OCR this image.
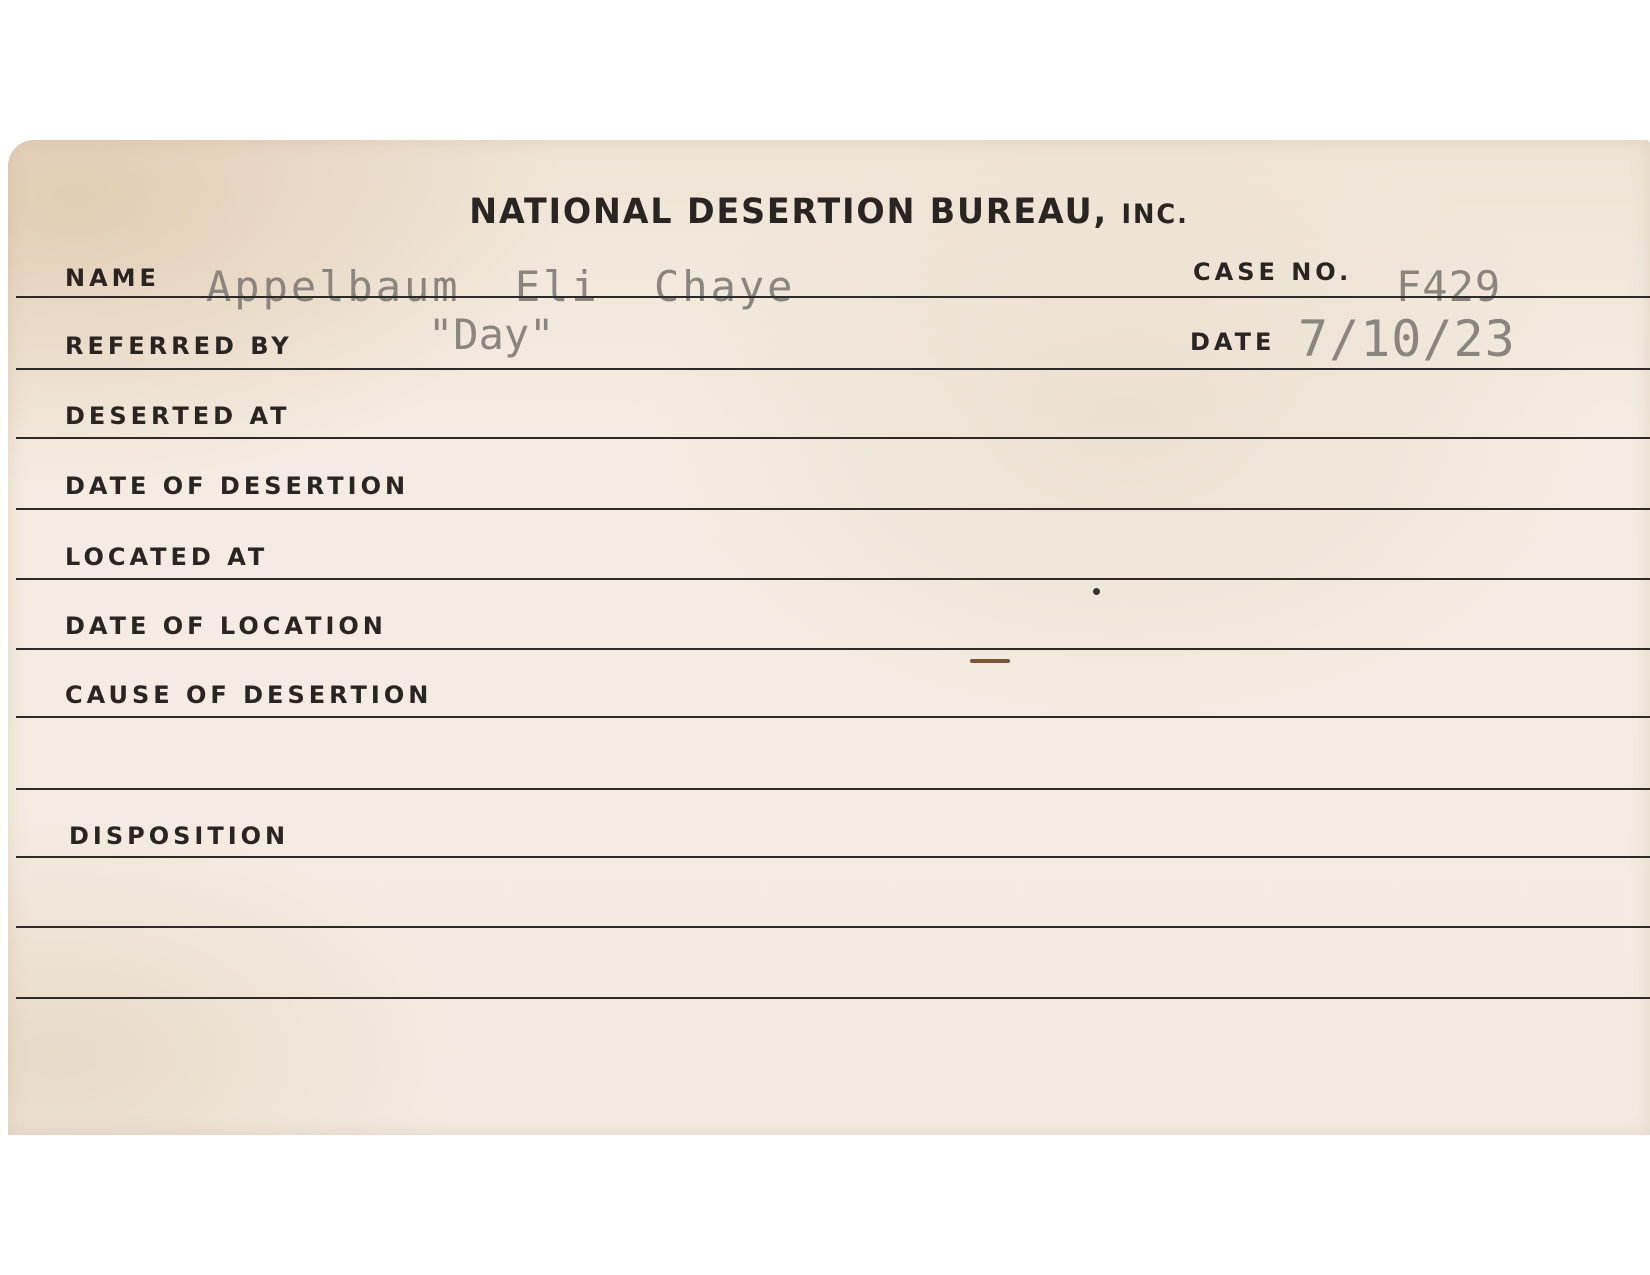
NATIONAL DESERTION BUREAU, INC.
NAME Appelbaum Eli Chaye	CASE NO. F429
REFERRED BY	"Day"	DATE 7/10/23
DESERTED AT
DATE OF DESERTION
LOCATED AT
DATE OF LOCATION
CAUSE OF DESERTION
DISPOSITION
